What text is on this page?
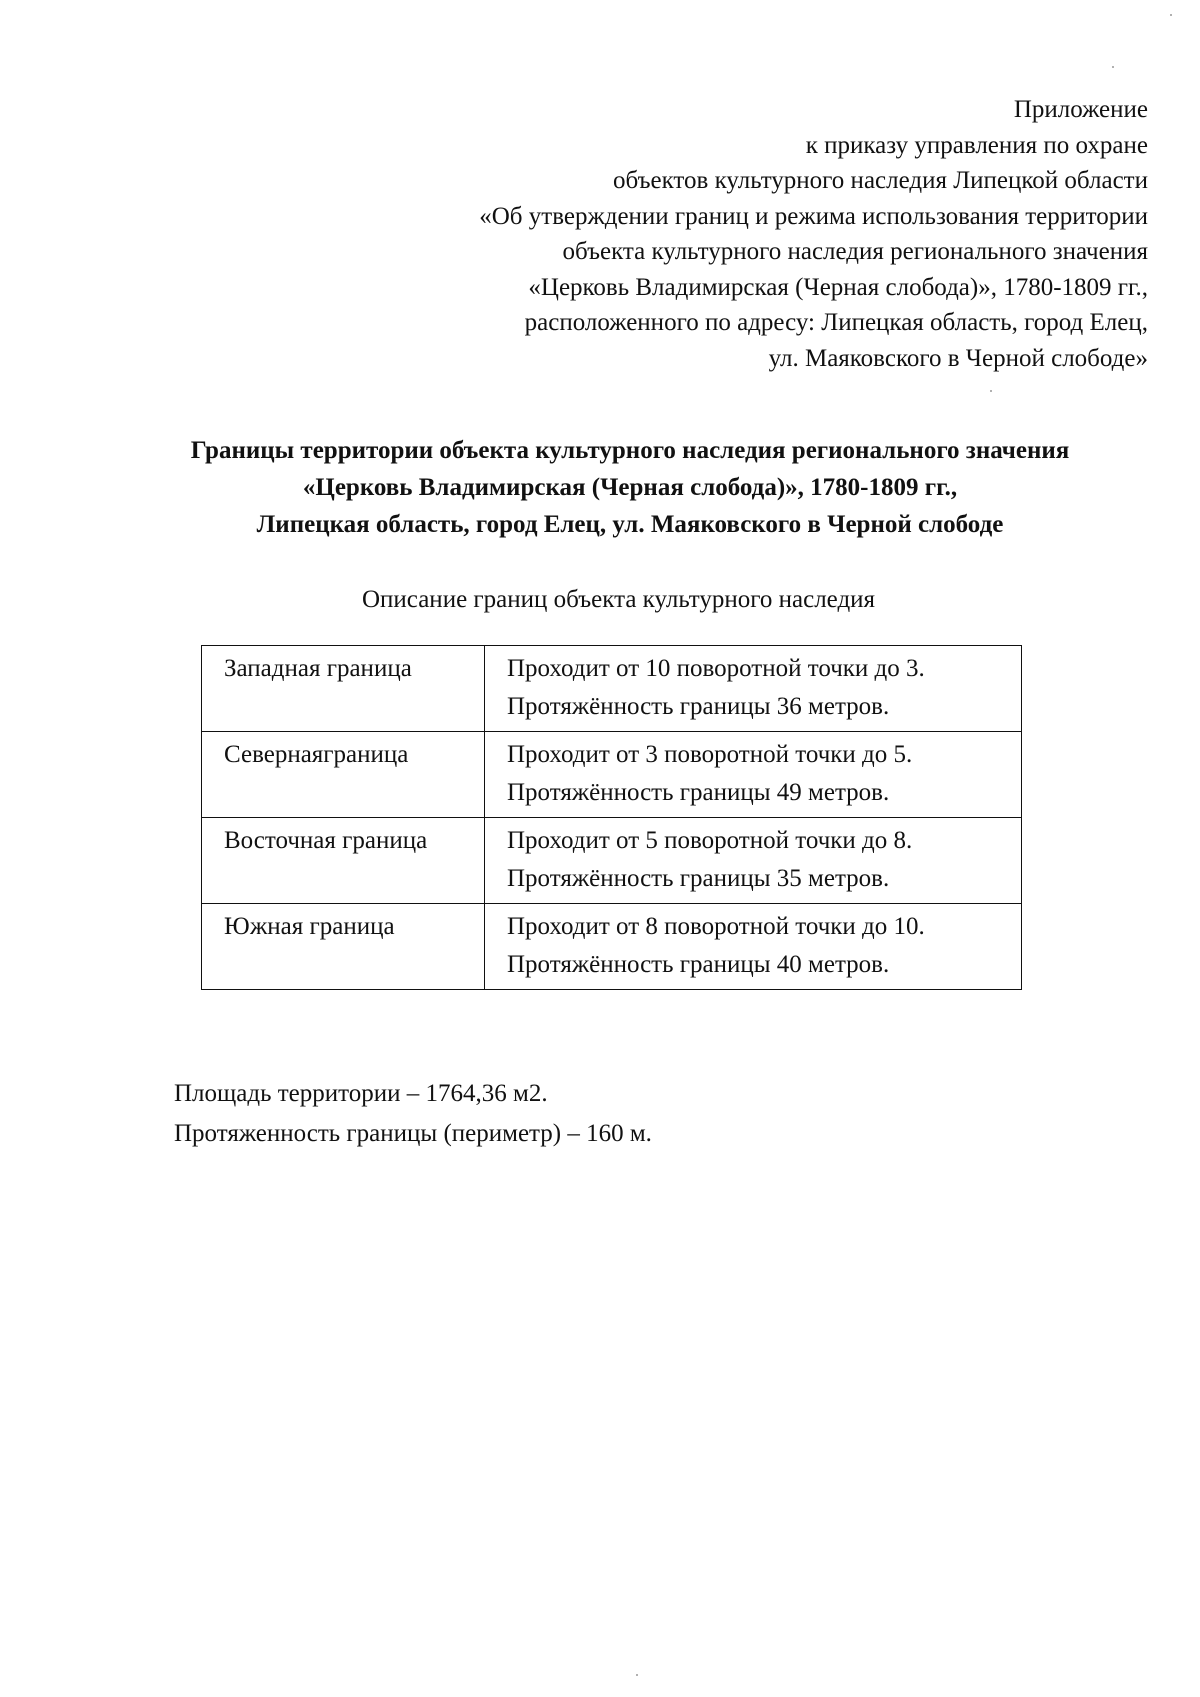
Приложение
к приказу управления по охране
объектов культурного наследия Липецкой области
«Об утверждении границ и режима использования территории
объекта культурного наследия регионального значения
«Церковь Владимирская (Черная слобода)», 1780-1809 гг.,
расположенного по адресу: Липецкая область, город Елец,
ул. Маяковского в Черной слободе»
Границы территории объекта культурного наследия регионального значения
«Церковь Владимирская (Черная слобода)», 1780-1809 гг.,
Липецкая область, город Елец, ул. Маяковского в Черной слободе
Описание границ объекта культурного наследия
Западная граница	Проходит от 10 поворотной точки до 3.
Протяжённость границы 36 метров.

Севернаяграница	Проходит от 3 поворотной точки до 5.
Протяжённость границы 49 метров.

Восточная граница	Проходит от 5 поворотной точки до 8.
Протяжённость границы 35 метров.

Южная граница	Проходит от 8 поворотной точки до 10.
Протяжённость границы 40 метров.
Площадь территории – 1764,36 м2.
Протяженность границы (периметр) – 160 м.
